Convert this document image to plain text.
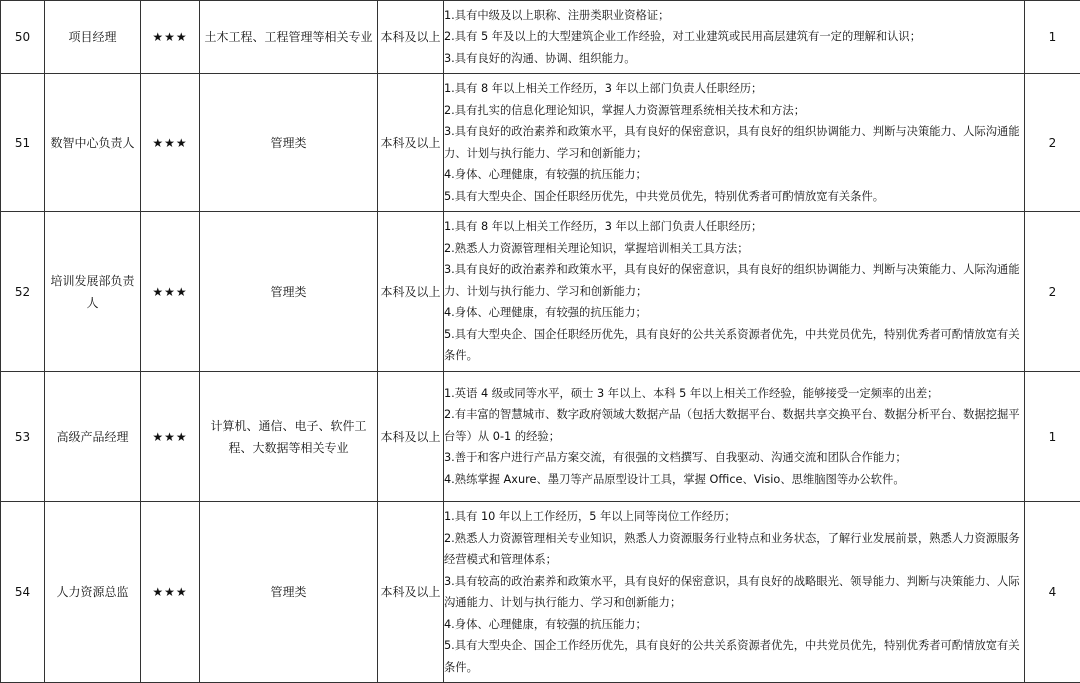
50	项目经理	★★★	土木工程、工程管理等相关专业	本科及以上	1.具有中级及以上职称、注册类职业资格证；
2.具有 5 年及以上的大型建筑企业工作经验，对工业建筑或民用高层建筑有一定的理解和认识；
3.具有良好的沟通、协调、组织能力。	1	
51	数智中心负责人	★★★	管理类	本科及以上	1.具有 8 年以上相关工作经历，3 年以上部门负责人任职经历；
2.具有扎实的信息化理论知识，掌握人力资源管理系统相关技术和方法；
3.具有良好的政治素养和政策水平，具有良好的保密意识，具有良好的组织协调能力、判断与决策能力、人际沟通能力、计划与执行能力、学习和创新能力；
4.身体、心理健康，有较强的抗压能力；
5.具有大型央企、国企任职经历优先，中共党员优先，特别优秀者可酌情放宽有关条件。	2	
52	培训发展部负责人	★★★	管理类	本科及以上	1.具有 8 年以上相关工作经历，3 年以上部门负责人任职经历；
2.熟悉人力资源管理相关理论知识，掌握培训相关工具方法；
3.具有良好的政治素养和政策水平，具有良好的保密意识，具有良好的组织协调能力、判断与决策能力、人际沟通能力、计划与执行能力、学习和创新能力；
4.身体、心理健康，有较强的抗压能力；
5.具有大型央企、国企任职经历优先，具有良好的公共关系资源者优先，中共党员优先，特别优秀者可酌情放宽有关条件。	2	
53	高级产品经理	★★★	计算机、通信、电子、软件工程、大数据等相关专业	本科及以上	1.英语 4 级或同等水平，硕士 3 年以上、本科 5 年以上相关工作经验，能够接受一定频率的出差；
2.有丰富的智慧城市、数字政府领域大数据产品（包括大数据平台、数据共享交换平台、数据分析平台、数据挖掘平台等）从 0-1 的经验；
3.善于和客户进行产品方案交流，有很强的文档撰写、自我驱动、沟通交流和团队合作能力；
4.熟练掌握 Axure、墨刀等产品原型设计工具，掌握 Office、Visio、思维脑图等办公软件。	1	
54	人力资源总监	★★★	管理类	本科及以上	1.具有 10 年以上工作经历，5 年以上同等岗位工作经历；
2.熟悉人力资源管理相关专业知识，熟悉人力资源服务行业特点和业务状态，了解行业发展前景，熟悉人力资源服务经营模式和管理体系；
3.具有较高的政治素养和政策水平，具有良好的保密意识，具有良好的战略眼光、领导能力、判断与决策能力、人际沟通能力、计划与执行能力、学习和创新能力；
4.身体、心理健康，有较强的抗压能力；
5.具有大型央企、国企工作经历优先，具有良好的公共关系资源者优先，中共党员优先，特别优秀者可酌情放宽有关条件。	4	
